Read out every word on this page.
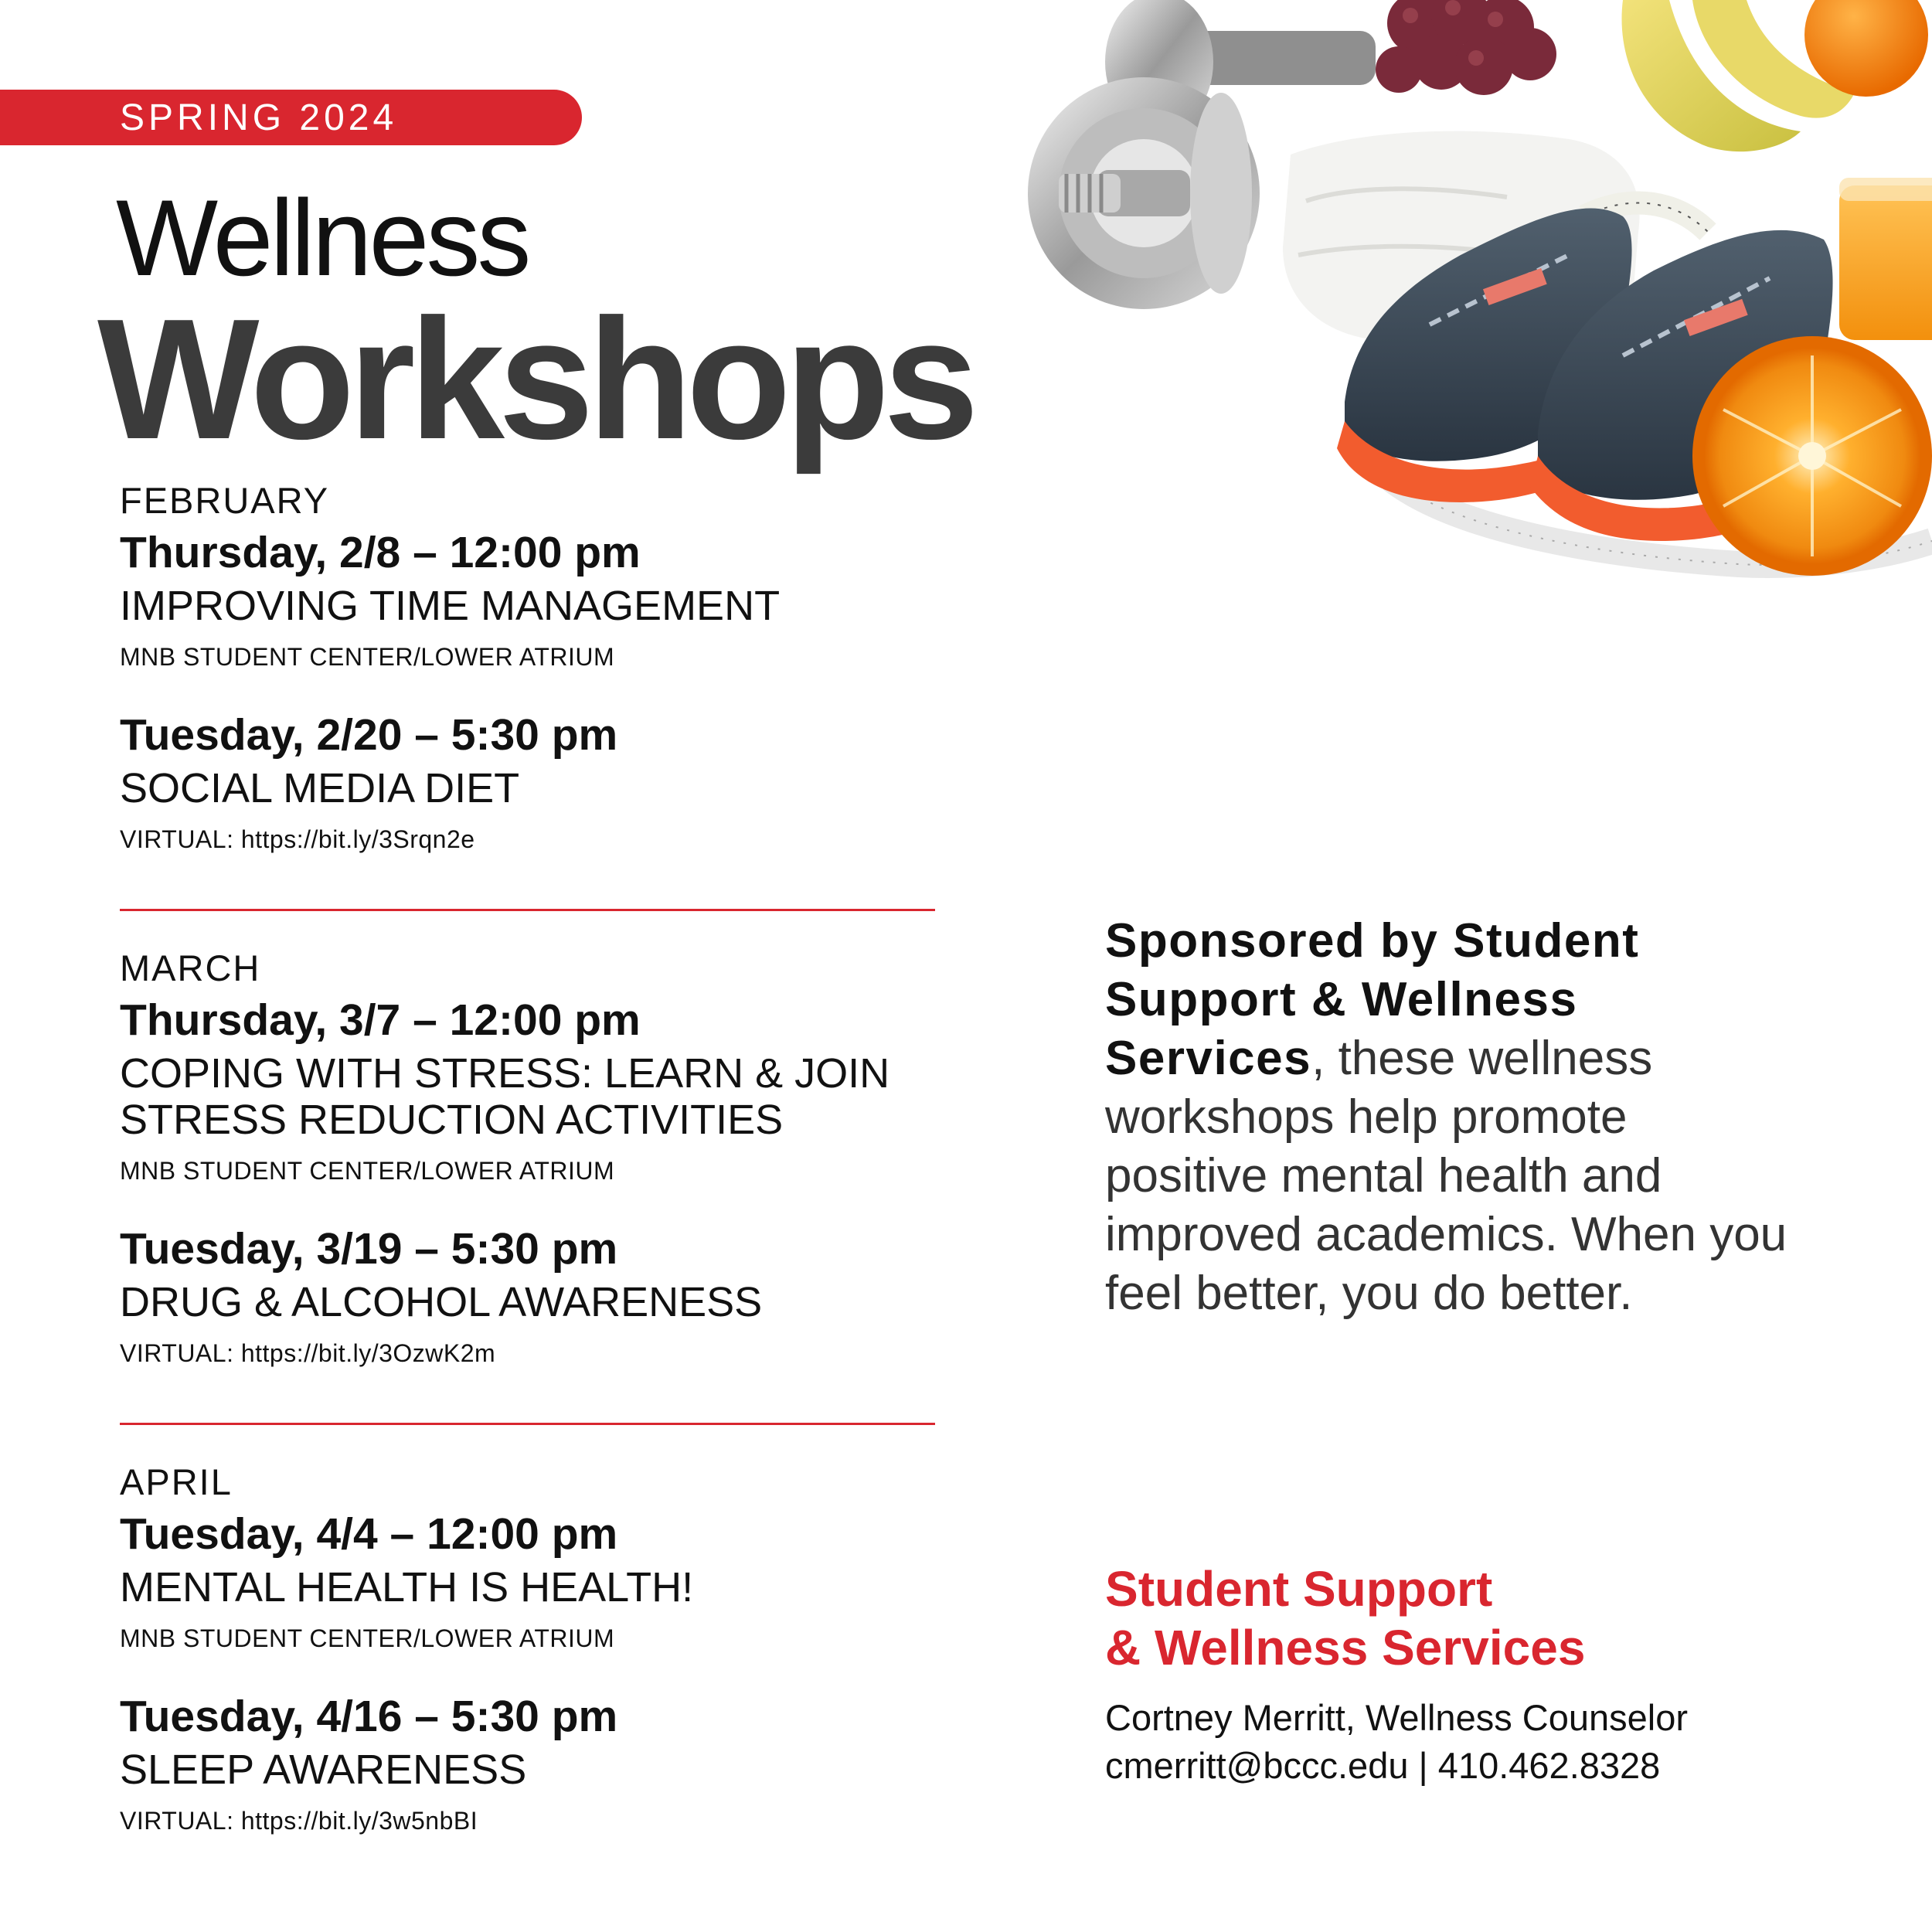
SPRING 2024
Wellness
Workshops
FEBRUARY
Thursday, 2/8 – 12:00 pm
IMPROVING TIME MANAGEMENT
MNB STUDENT CENTER/LOWER ATRIUM
Tuesday, 2/20 – 5:30 pm
SOCIAL MEDIA DIET
VIRTUAL: https://bit.ly/3Srqn2e
MARCH
Thursday, 3/7 – 12:00 pm
COPING WITH STRESS: LEARN & JOIN STRESS REDUCTION ACTIVITIES
MNB STUDENT CENTER/LOWER ATRIUM
Tuesday, 3/19 – 5:30 pm
DRUG & ALCOHOL AWARENESS
VIRTUAL: https://bit.ly/3OzwK2m
APRIL
Tuesday, 4/4 – 12:00 pm
MENTAL HEALTH IS HEALTH!
MNB STUDENT CENTER/LOWER ATRIUM
Tuesday, 4/16 – 5:30 pm
SLEEP AWARENESS
VIRTUAL: https://bit.ly/3w5nbBI
Sponsored by Student Support & Wellness Services, these wellness workshops help promote positive mental health and improved academics. When you feel better, you do better.
Student Support
& Wellness Services
Cortney Merritt, Wellness Counselor
cmerritt@bccc.edu | 410.462.8328
